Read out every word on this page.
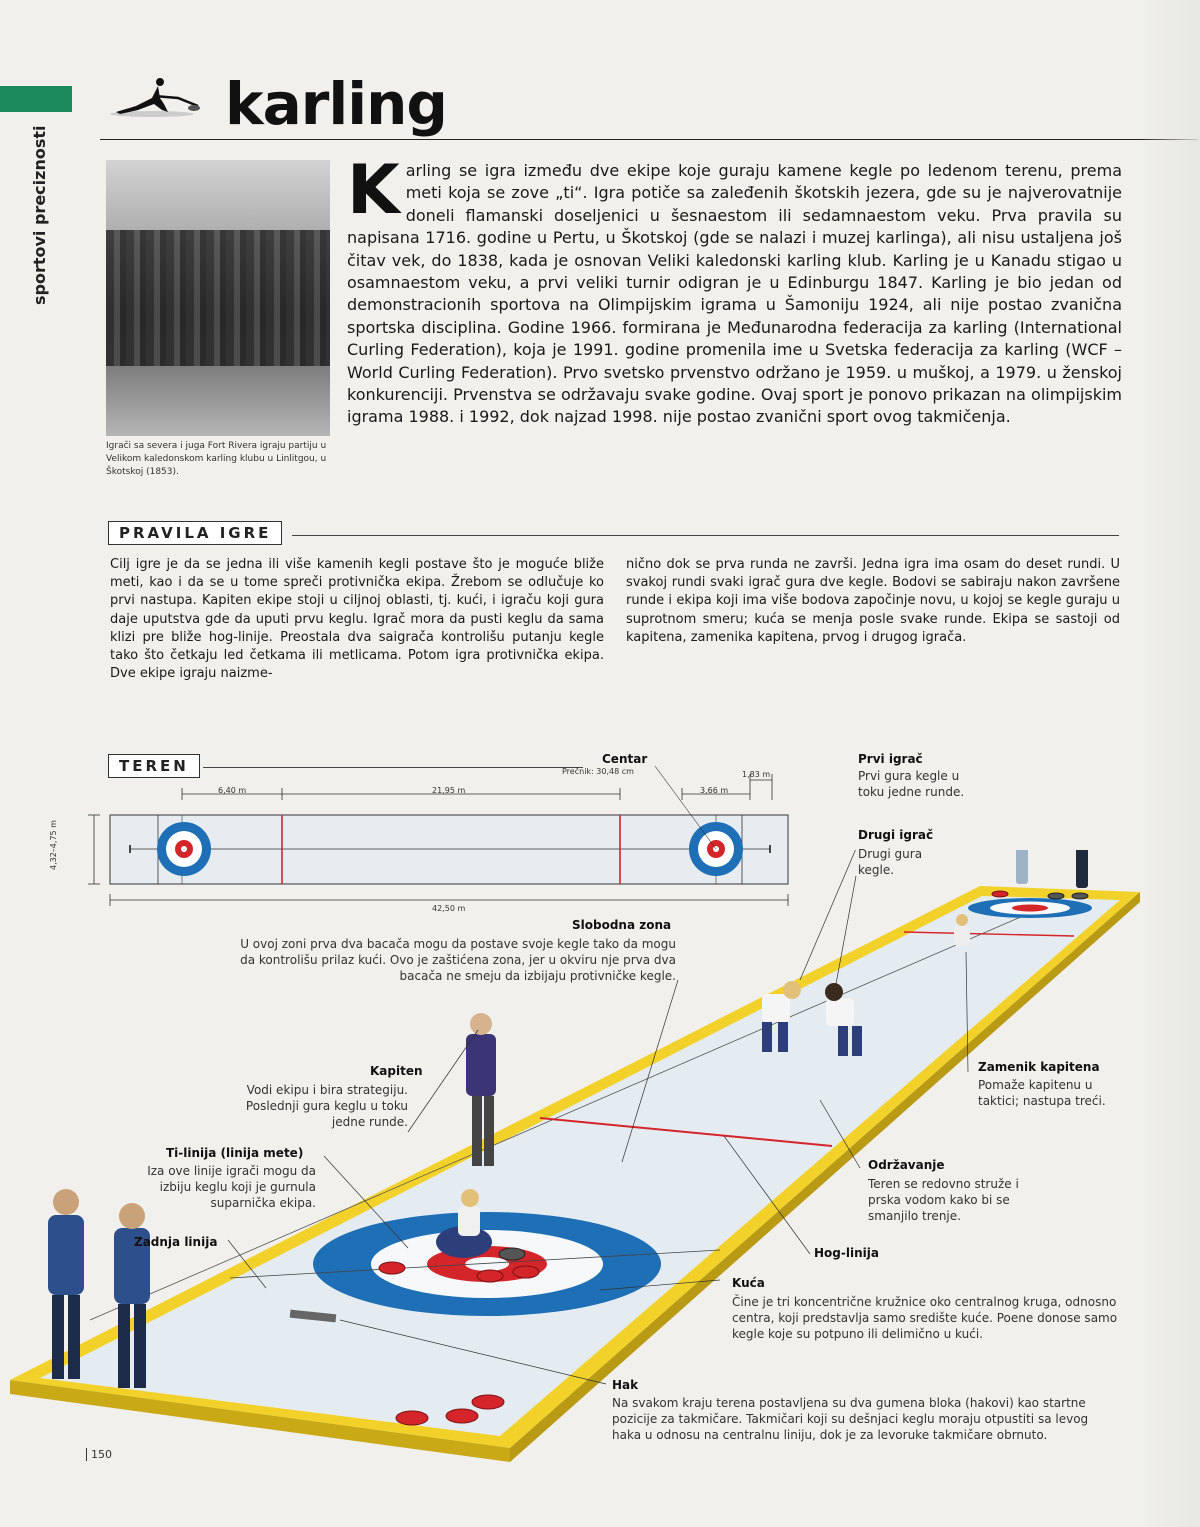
sportovi preciznosti
karling
Igrači sa severa i juga Fort Rivera igraju partiju u Velikom kaledonskom karling klubu u Linlitgou, u Škotskoj (1853).
Karling se igra između dve ekipe koje guraju kamene kegle po ledenom terenu, prema meti koja se zove „ti“. Igra potiče sa zaleđenih škotskih jezera, gde su je najverovatnije doneli flamanski doseljenici u šesnaestom ili sedamnaestom veku. Prva pravila su napisana 1716. godine u Pertu, u Škotskoj (gde se nalazi i muzej karlinga), ali nisu ustaljena još čitav vek, do 1838, kada je osnovan Veliki kaledonski karling klub. Karling je u Kanadu stigao u osamnaestom veku, a prvi veliki turnir odigran je u Edinburgu 1847. Karling je bio jedan od demonstracionih sportova na Olimpijskim igrama u Šamoniju 1924, ali nije postao zvanična sportska disciplina. Godine 1966. formirana je Međunarodna federacija za karling (International Curling Federation), koja je 1991. godine promenila ime u Svetska federacija za karling (WCF – World Curling Federation). Prvo svetsko prvenstvo održano je 1959. u muškoj, a 1979. u ženskoj konkurenciji. Prvenstva se održavaju svake godine. Ovaj sport je ponovo prikazan na olimpijskim igrama 1988. i 1992, dok najzad 1998. nije postao zvanični sport ovog takmičenja.
PRAVILA IGRE
Cilj igre je da se jedna ili više kamenih kegli postave što je moguće bliže meti, kao i da se u tome spreči protivnička ekipa. Žrebom se odlučuje ko prvi nastupa. Kapiten ekipe stoji u ciljnoj oblasti, tj. kući, i igraču koji gura daje uputstva gde da uputi prvu keglu. Igrač mora da pusti keglu da sama klizi pre bliže hog-linije. Preostala dva saigrača kontrolišu putanju kegle tako što četkaju led četkama ili metlicama. Potom igra protivnička ekipa. Dve ekipe igraju naizme-
nično dok se prva runda ne završi. Jedna igra ima osam do deset rundi. U svakoj rundi svaki igrač gura dve kegle. Bodovi se sabiraju nakon završene runde i ekipa koji ima više bodova započinje novu, u kojoj se kegle guraju u suprotnom smeru; kuća se menja posle svake runde. Ekipa se sastoji od kapitena, zamenika kapitena, prvog i drugog igrača.
TEREN
6,40 m	21,95 m	3,66 m
1,83 m
42,50 m
4,32–4,75 m
Centar
Prečnik: 30,48 cm
Prvi igrač
Prvi gura kegle u toku jedne runde.
Drugi igrač
Drugi gura kegle.
Slobodna zona
U ovoj zoni prva dva bacača mogu da postave svoje kegle tako da mogu da kontrolišu prilaz kući. Ovo je zaštićena zona, jer u okviru nje prva dva bacača ne smeju da izbijaju protivničke kegle.
Zamenik kapitena
Pomaže kapitenu u taktici; nastupa treći.
Kapiten
Vodi ekipu i bira strategiju. Poslednji gura keglu u toku jedne runde.
Održavanje
Teren se redovno struže i prska vodom kako bi se smanjilo trenje.
Ti-linija (linija mete)
Iza ove linije igrači mogu da izbiju keglu koji je gurnula suparnička ekipa.
Zadnja linija
Hog-linija
Kuća
Čine je tri koncentrične kružnice oko centralnog kruga, odnosno centra, koji predstavlja samo središte kuće. Poene donose samo kegle koje su potpuno ili delimično u kući.
Hak
Na svakom kraju terena postavljena su dva gumena bloka (hakovi) kao startne pozicije za takmičare. Takmičari koji su dešnjaci keglu moraju otpustiti sa levog haka u odnosu na centralnu liniju, dok je za levoruke takmičare obrnuto.
150
